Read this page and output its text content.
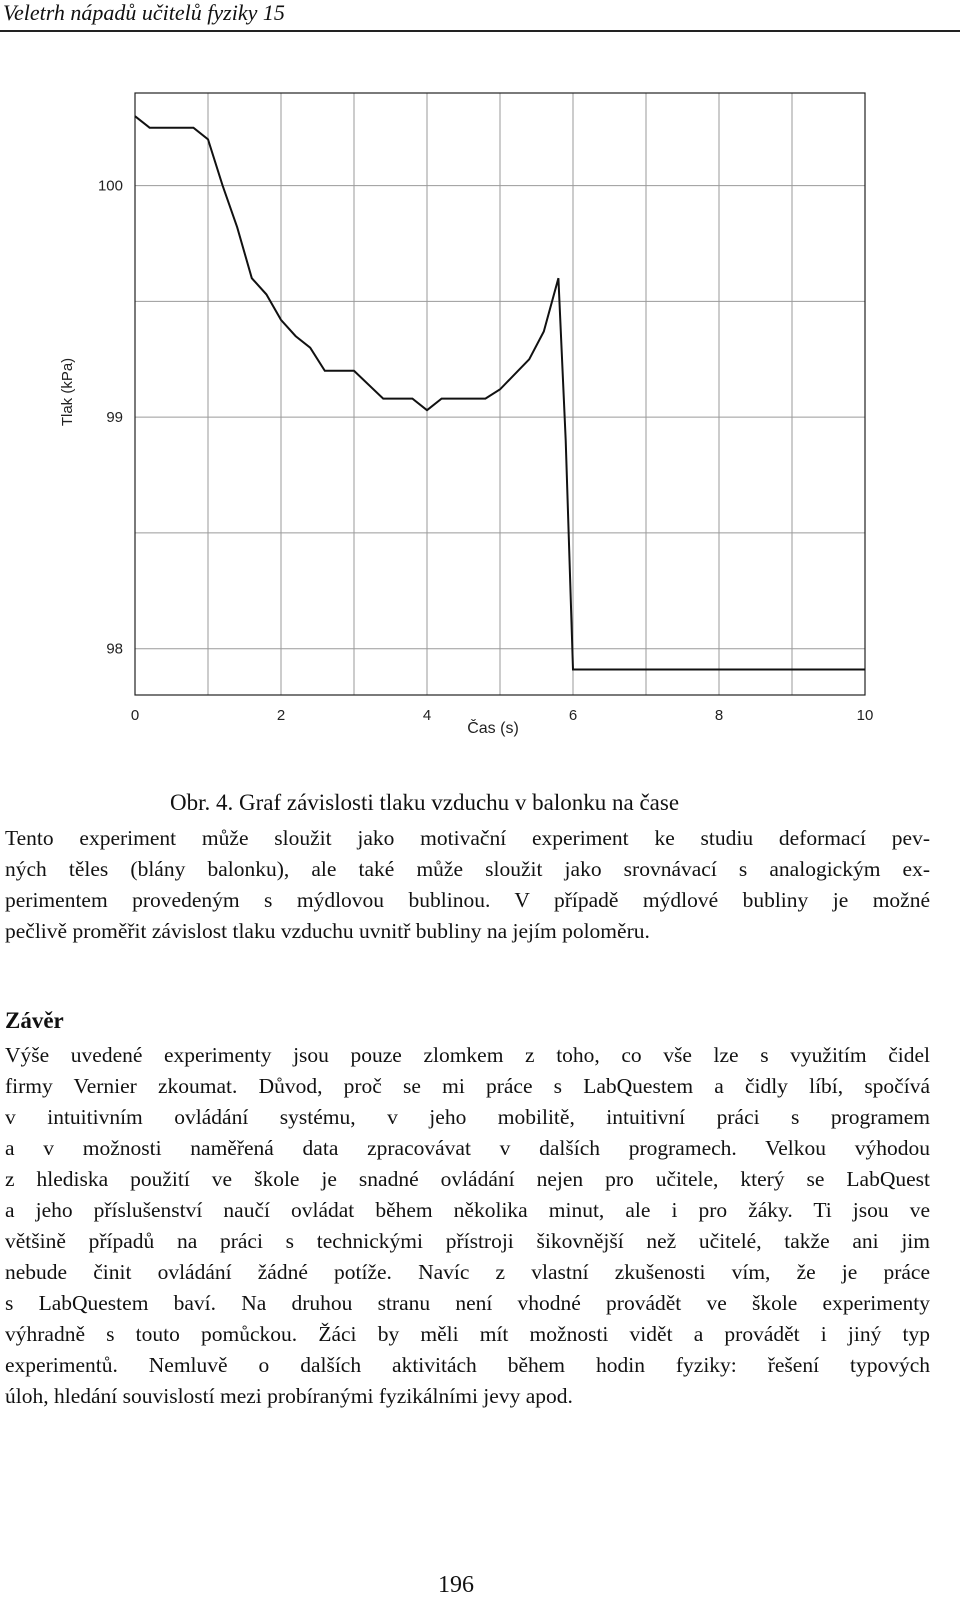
Veletrh nápadů učitelů fyziky 15
0	2	4	6	8	10
98
99
100
Čas (s)
Tlak (kPa)
Obr. 4. Graf závislosti tlaku vzduchu v balonku na čase
Tento experiment může sloužit jako motivační experiment ke studiu deformací pev-
ných těles (blány balonku), ale také může sloužit jako srovnávací s analogickým ex-
perimentem provedeným s mýdlovou bublinou. V případě mýdlové bubliny je možné
pečlivě proměřit závislost tlaku vzduchu uvnitř bubliny na jejím poloměru.
Závěr
Výše uvedené experimenty jsou pouze zlomkem z toho, co vše lze s využitím čidel
firmy Vernier zkoumat. Důvod, proč se mi práce s LabQuestem a čidly líbí, spočívá
v intuitivním ovládání systému, v jeho mobilitě, intuitivní práci s programem
a v možnosti naměřená data zpracovávat v dalších programech. Velkou výhodou
z hlediska použití ve škole je snadné ovládání nejen pro učitele, který se LabQuest
a jeho příslušenství naučí ovládat během několika minut, ale i pro žáky. Ti jsou ve
většině případů na práci s technickými přístroji šikovnější než učitelé, takže ani jim
nebude činit ovládání žádné potíže. Navíc z vlastní zkušenosti vím, že je práce
s LabQuestem baví. Na druhou stranu není vhodné provádět ve škole experimenty
výhradně s touto pomůckou. Žáci by měli mít možnosti vidět a provádět i jiný typ
experimentů. Nemluvě o dalších aktivitách během hodin fyziky: řešení typových
úloh, hledání souvislostí mezi probíranými fyzikálními jevy apod.
196
